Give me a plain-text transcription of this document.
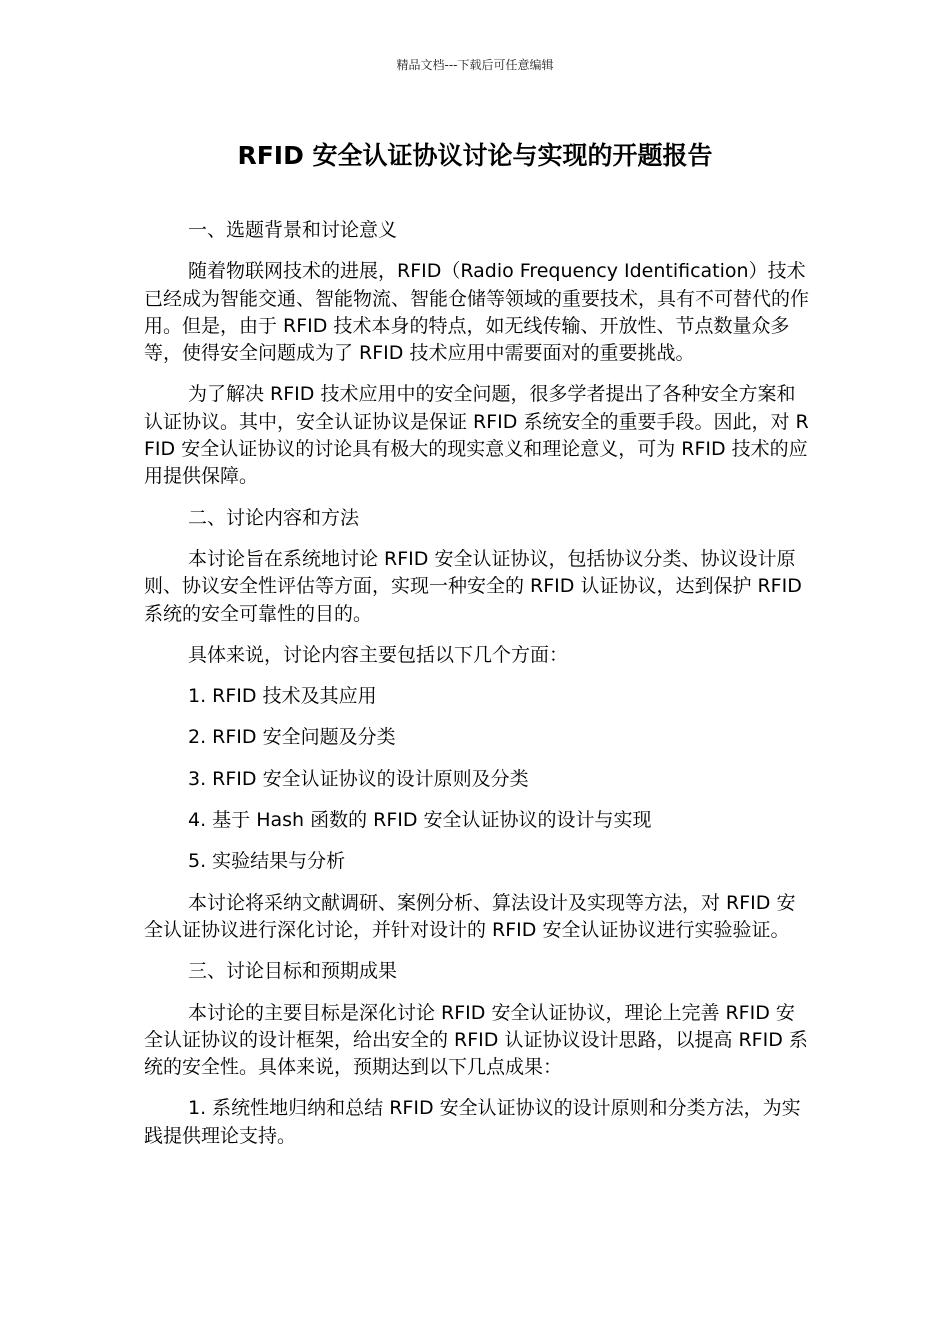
精品文档---下载后可任意编辑
RFID 安全认证协议讨论与实现的开题报告

一、选题背景和讨论意义

随着物联网技术的进展，RFID（Radio Frequency Identification）技术已经成为智能交通、智能物流、智能仓储等领域的重要技术，具有不可替代的作用。但是，由于 RFID 技术本身的特点，如无线传输、开放性、节点数量众多等，使得安全问题成为了 RFID 技术应用中需要面对的重要挑战。

为了解决 RFID 技术应用中的安全问题，很多学者提出了各种安全方案和认证协议。其中，安全认证协议是保证 RFID 系统安全的重要手段。因此，对 RFID 安全认证协议的讨论具有极大的现实意义和理论意义，可为 RFID 技术的应用提供保障。

二、讨论内容和方法

本讨论旨在系统地讨论 RFID 安全认证协议，包括协议分类、协议设计原则、协议安全性评估等方面，实现一种安全的 RFID 认证协议，达到保护 RFID 系统的安全可靠性的目的。

具体来说，讨论内容主要包括以下几个方面：

1. RFID 技术及其应用

2. RFID 安全问题及分类

3. RFID 安全认证协议的设计原则及分类

4. 基于 Hash 函数的 RFID 安全认证协议的设计与实现

5. 实验结果与分析

本讨论将采纳文献调研、案例分析、算法设计及实现等方法，对 RFID 安全认证协议进行深化讨论，并针对设计的 RFID 安全认证协议进行实验验证。

三、讨论目标和预期成果

本讨论的主要目标是深化讨论 RFID 安全认证协议，理论上完善 RFID 安全认证协议的设计框架，给出安全的 RFID 认证协议设计思路，以提高 RFID 系统的安全性。具体来说，预期达到以下几点成果：

1. 系统性地归纳和总结 RFID 安全认证协议的设计原则和分类方法，为实践提供理论支持。
